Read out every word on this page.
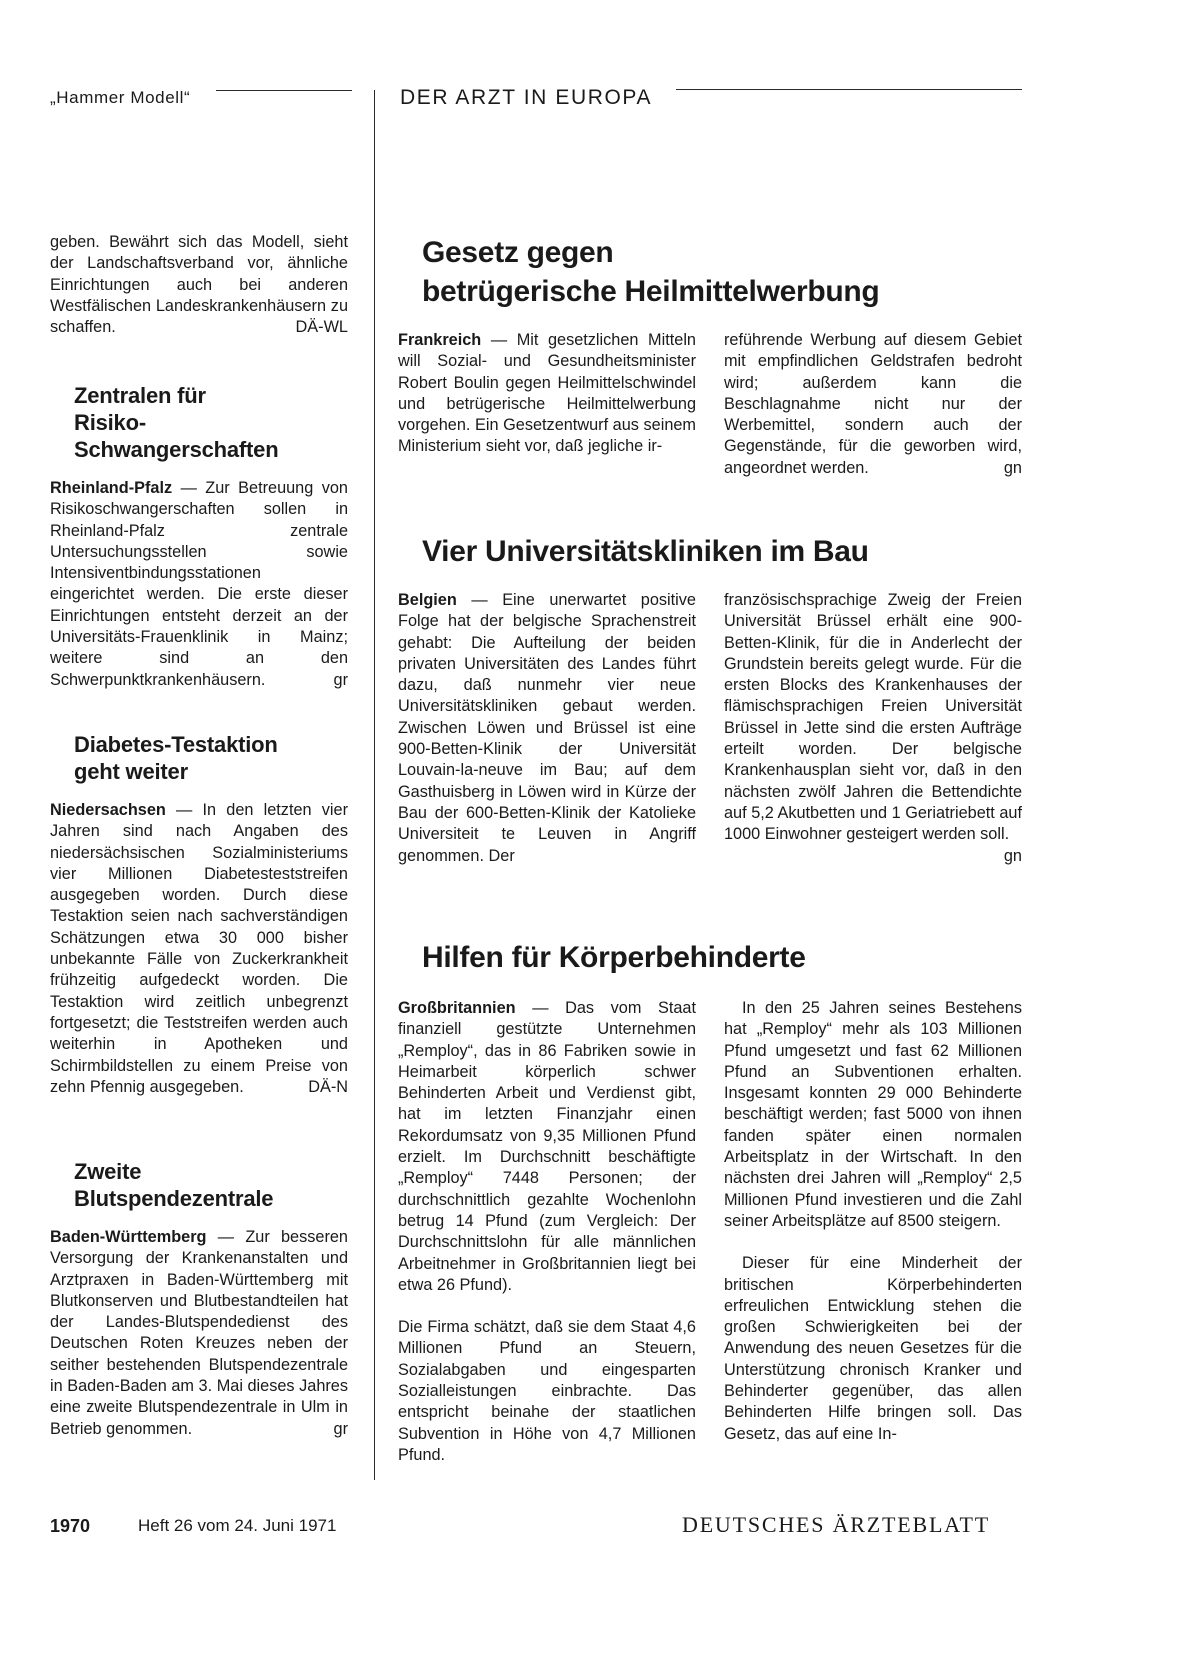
„Hammer Modell“	DER ARZT IN EUROPA

geben. Bewährt sich das Modell, sieht der Landschaftsverband vor, ähnliche Einrichtungen auch bei anderen Westfälischen Landeskrankenhäusern zu schaffen.	DÄ-WL

Zentralen für
Risiko-
Schwangerschaften

Rheinland-Pfalz — Zur Betreuung von Risikoschwangerschaften sollen in Rheinland-Pfalz zentrale Untersuchungsstellen sowie Intensiventbindungsstationen eingerichtet werden. Die erste dieser Einrichtungen entsteht derzeit an der Universitäts-Frauenklinik in Mainz; weitere sind an den Schwerpunktkrankenhäusern.	gr

Diabetes-Testaktion
geht weiter

Niedersachsen — In den letzten vier Jahren sind nach Angaben des niedersächsischen Sozialministeriums vier Millionen Diabetesteststreifen ausgegeben worden. Durch diese Testaktion seien nach sachverständigen Schätzungen etwa 30 000 bisher unbekannte Fälle von Zuckerkrankheit frühzeitig aufgedeckt worden. Die Testaktion wird zeitlich unbegrenzt fortgesetzt; die Teststreifen werden auch weiterhin in Apotheken und Schirmbildstellen zu einem Preise von zehn Pfennig ausgegeben.	DÄ-N

Zweite
Blutspendezentrale

Baden-Württemberg — Zur besseren Versorgung der Krankenanstalten und Arztpraxen in Baden-Württemberg mit Blutkonserven und Blutbestandteilen hat der Landes-Blutspendedienst des Deutschen Roten Kreuzes neben der seither bestehenden Blutspendezentrale in Baden-Baden am 3. Mai dieses Jahres eine zweite Blutspendezentrale in Ulm in Betrieb genommen.	gr

Gesetz gegen
betrügerische Heilmittelwerbung

Frankreich — Mit gesetzlichen Mitteln will Sozial- und Gesundheitsminister Robert Boulin gegen Heilmittelschwindel und betrügerische Heilmittelwerbung vorgehen. Ein Gesetzentwurf aus seinem Ministerium sieht vor, daß jegliche ir-

reführende Werbung auf diesem Gebiet mit empfindlichen Geldstrafen bedroht wird; außerdem kann die Beschlagnahme nicht nur der Werbemittel, sondern auch der Gegenstände, für die geworben wird, angeordnet werden.	gn

Vier Universitätskliniken im Bau

Belgien — Eine unerwartet positive Folge hat der belgische Sprachenstreit gehabt: Die Aufteilung der beiden privaten Universitäten des Landes führt dazu, daß nunmehr vier neue Universitätskliniken gebaut werden. Zwischen Löwen und Brüssel ist eine 900-Betten-Klinik der Universität Louvain-la-neuve im Bau; auf dem Gasthuisberg in Löwen wird in Kürze der Bau der 600-Betten-Klinik der Katolieke Universiteit te Leuven in Angriff genommen. Der

französischsprachige Zweig der Freien Universität Brüssel erhält eine 900-Betten-Klinik, für die in Anderlecht der Grundstein bereits gelegt wurde. Für die ersten Blocks des Krankenhauses der flämischsprachigen Freien Universität Brüssel in Jette sind die ersten Aufträge erteilt worden. Der belgische Krankenhausplan sieht vor, daß in den nächsten zwölf Jahren die Bettendichte auf 5,2 Akutbetten und 1 Geriatriebett auf 1000 Einwohner gesteigert werden soll.
gn

Hilfen für Körperbehinderte

Großbritannien — Das vom Staat finanziell gestützte Unternehmen „Remploy“, das in 86 Fabriken sowie in Heimarbeit körperlich schwer Behinderten Arbeit und Verdienst gibt, hat im letzten Finanzjahr einen Rekordumsatz von 9,35 Millionen Pfund erzielt. Im Durchschnitt beschäftigte „Remploy“ 7448 Personen; der durchschnittlich gezahlte Wochenlohn betrug 14 Pfund (zum Vergleich: Der Durchschnittslohn für alle männlichen Arbeitnehmer in Großbritannien liegt bei etwa 26 Pfund).

Die Firma schätzt, daß sie dem Staat 4,6 Millionen Pfund an Steuern, Sozialabgaben und eingesparten Sozialleistungen einbrachte. Das entspricht beinahe der staatlichen Subvention in Höhe von 4,7 Millionen Pfund.

In den 25 Jahren seines Bestehens hat „Remploy“ mehr als 103 Millionen Pfund umgesetzt und fast 62 Millionen Pfund an Subventionen erhalten. Insgesamt konnten 29 000 Behinderte beschäftigt werden; fast 5000 von ihnen fanden später einen normalen Arbeitsplatz in der Wirtschaft. In den nächsten drei Jahren will „Remploy“ 2,5 Millionen Pfund investieren und die Zahl seiner Arbeitsplätze auf 8500 steigern.

Dieser für eine Minderheit der britischen Körperbehinderten erfreulichen Entwicklung stehen die großen Schwierigkeiten bei der Anwendung des neuen Gesetzes für die Unterstützung chronisch Kranker und Behinderter gegenüber, das allen Behinderten Hilfe bringen soll. Das Gesetz, das auf eine In-

1970	Heft 26 vom 24. Juni 1971	DEUTSCHES ÄRZTEBLATT
